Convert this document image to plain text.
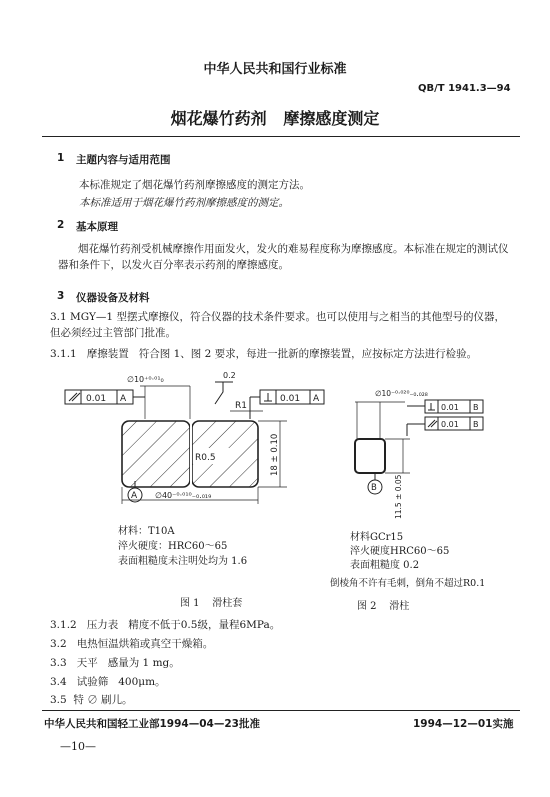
中华人民共和国行业标准
QB/T 1941.3—94
烟花爆竹药剂   摩擦感度测定
1 主题内容与适用范围
本标准规定了烟花爆竹药剂摩擦感度的测定方法。
本标准适用于烟花爆竹药剂摩擦感度的测定。
2 基本原理
烟花爆竹药剂受机械摩擦作用面发火，发火的难易程度称为摩擦感度。本标准在规定的测试仪器和条件下，以发火百分率表示药剂的摩擦感度。
3 仪器设备及材料
3.1 MGY—1 型摆式摩擦仪，符合仪器的技术条件要求。也可以使用与之相当的其他型号的仪器，但必须经过主管部门批准。
3.1.1   摩擦装置   符合图 1、图 2 要求，每进一批新的摩擦装置，应按标定方法进行检验。
0.01 A
∅10⁺⁰·⁰¹₀	0.2
R1
0.01 A
R0.5	18 ± 0.10
A ∅40⁻⁰·⁰¹⁰₋₀.₀₁₉
材料：T10A
淬火硬度：HRC60～65
表面粗糙度未注明处均为 1.6
图 1    滑柱套
∅10⁻⁰·⁰²⁰₋₀.₀₂₈
0.01 B
0.01 B
11.5 ± 0.05
B
材料GCr15
淬火硬度HRC60～65
表面粗糙度 0.2
倒棱角不许有毛刺，倒角不超过R0.1
图 2    滑柱
3.1.2   压力表   精度不低于0.5级，量程6MPa。
3.2   电热恒温烘箱或真空干燥箱。
3.3   天平   感量为 1 mg。
3.4   试验筛   400μm。
3.5  特 ∅ 刷儿。
中华人民共和国轻工业部1994—04—23批准	1994—12—01实施
—10—
